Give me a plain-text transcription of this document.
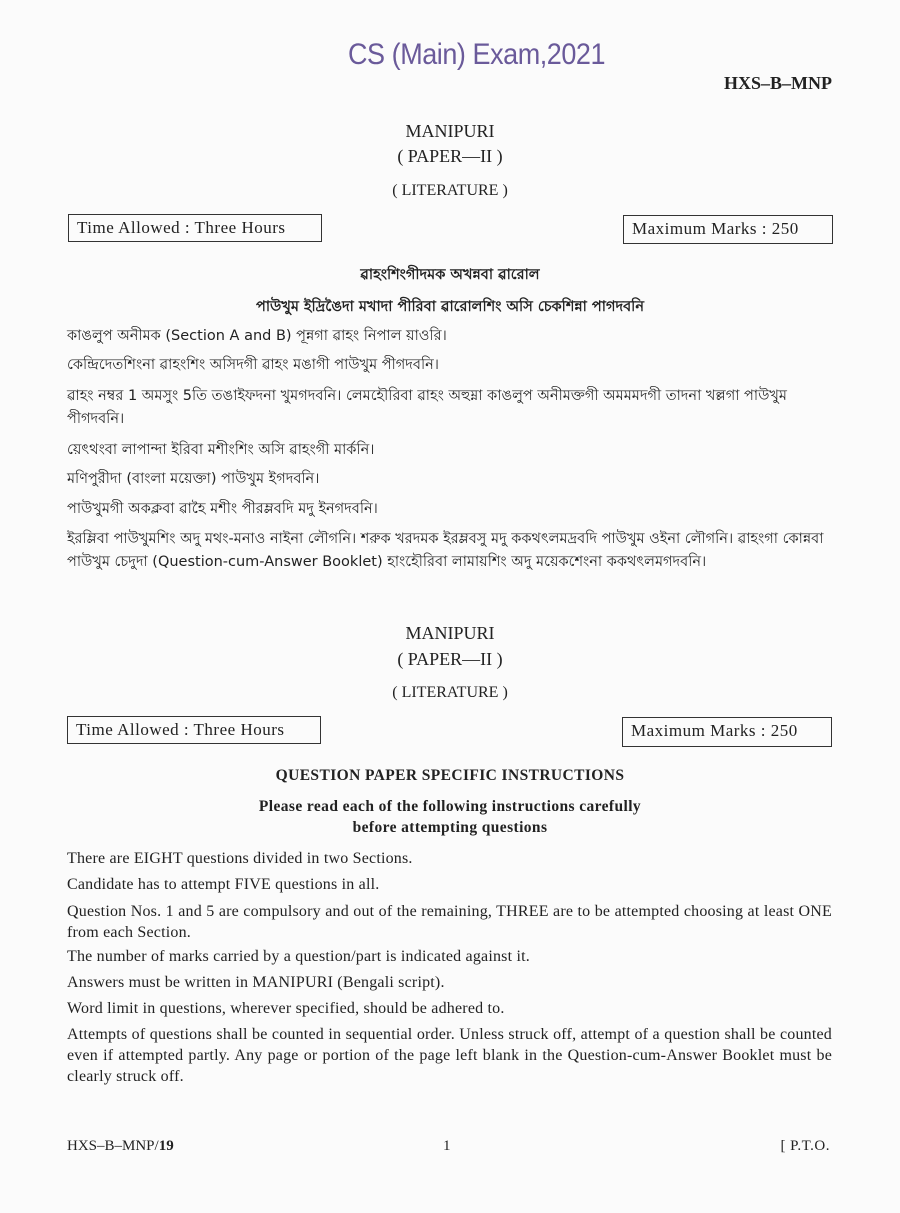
CS (Main) Exam,2021
HXS–B–MNP
MANIPURI
( PAPER—II )
( LITERATURE )
Time Allowed : Three Hours	Maximum Marks : 250
ৱাহংশিংগীদমক অখন্নবা ৱারোল
পাউখুম ইদ্রিঙৈদা মখাদা পীরিবা ৱারোলশিং অসি চেকশিন্না পাগদবনি
কাঙলুপ অনীমক (Section A and B) পূন্নগা ৱাহং নিপাল য়াওরি।
কেন্দ্রিদেতশিংনা ৱাহংশিং অসিদগী ৱাহং মঙাগী পাউখুম পীগদবনি।
ৱাহং নম্বর 1 অমসুং 5তি তঙাইফদনা খুমগদবনি। লেমহৌরিবা ৱাহং অহুম্না কাঙলুপ অনীমক্তগী অমমমদগী তাদনা খল্লগা পাউখুম পীগদবনি।
য়েৎথংবা লাপান্দা ইরিবা মশীংশিং অসি ৱাহংগী মার্কনি।
মণিপুরীদা (বাংলা ময়েক্তা) পাউখুম ইগদবনি।
পাউখুমগী অকক্লবা ৱাহৈ মশীং পীরম্লবদি মদু ইনগদবনি।
ইরম্লিবা পাউখুমশিং অদু মথং-মনাও নাইনা লৌগনি। শরুক খরদমক ইরম্লবসু মদু ককথৎলমদ্রবদি পাউখুম ওইনা লৌগনি। ৱাহংগা কোন্নবা পাউখুম চেদুদা (Question-cum-Answer Booklet) হাংহৌরিবা লামায়শিং অদু ময়েকশেংনা ককথৎলমগদবনি।
MANIPURI
( PAPER—II )
( LITERATURE )
Time Allowed : Three Hours	Maximum Marks : 250
QUESTION PAPER SPECIFIC INSTRUCTIONS
Please read each of the following instructions carefully
before attempting questions
There are EIGHT questions divided in two Sections.
Candidate has to attempt FIVE questions in all.
Question Nos. 1 and 5 are compulsory and out of the remaining, THREE are to be attempted choosing at least ONE from each Section.
The number of marks carried by a question/part is indicated against it.
Answers must be written in MANIPURI (Bengali script).
Word limit in questions, wherever specified, should be adhered to.
Attempts of questions shall be counted in sequential order. Unless struck off, attempt of a question shall be counted even if attempted partly. Any page or portion of the page left blank in the Question-cum-Answer Booklet must be clearly struck off.
HXS–B–MNP/19	1	[ P.T.O.
